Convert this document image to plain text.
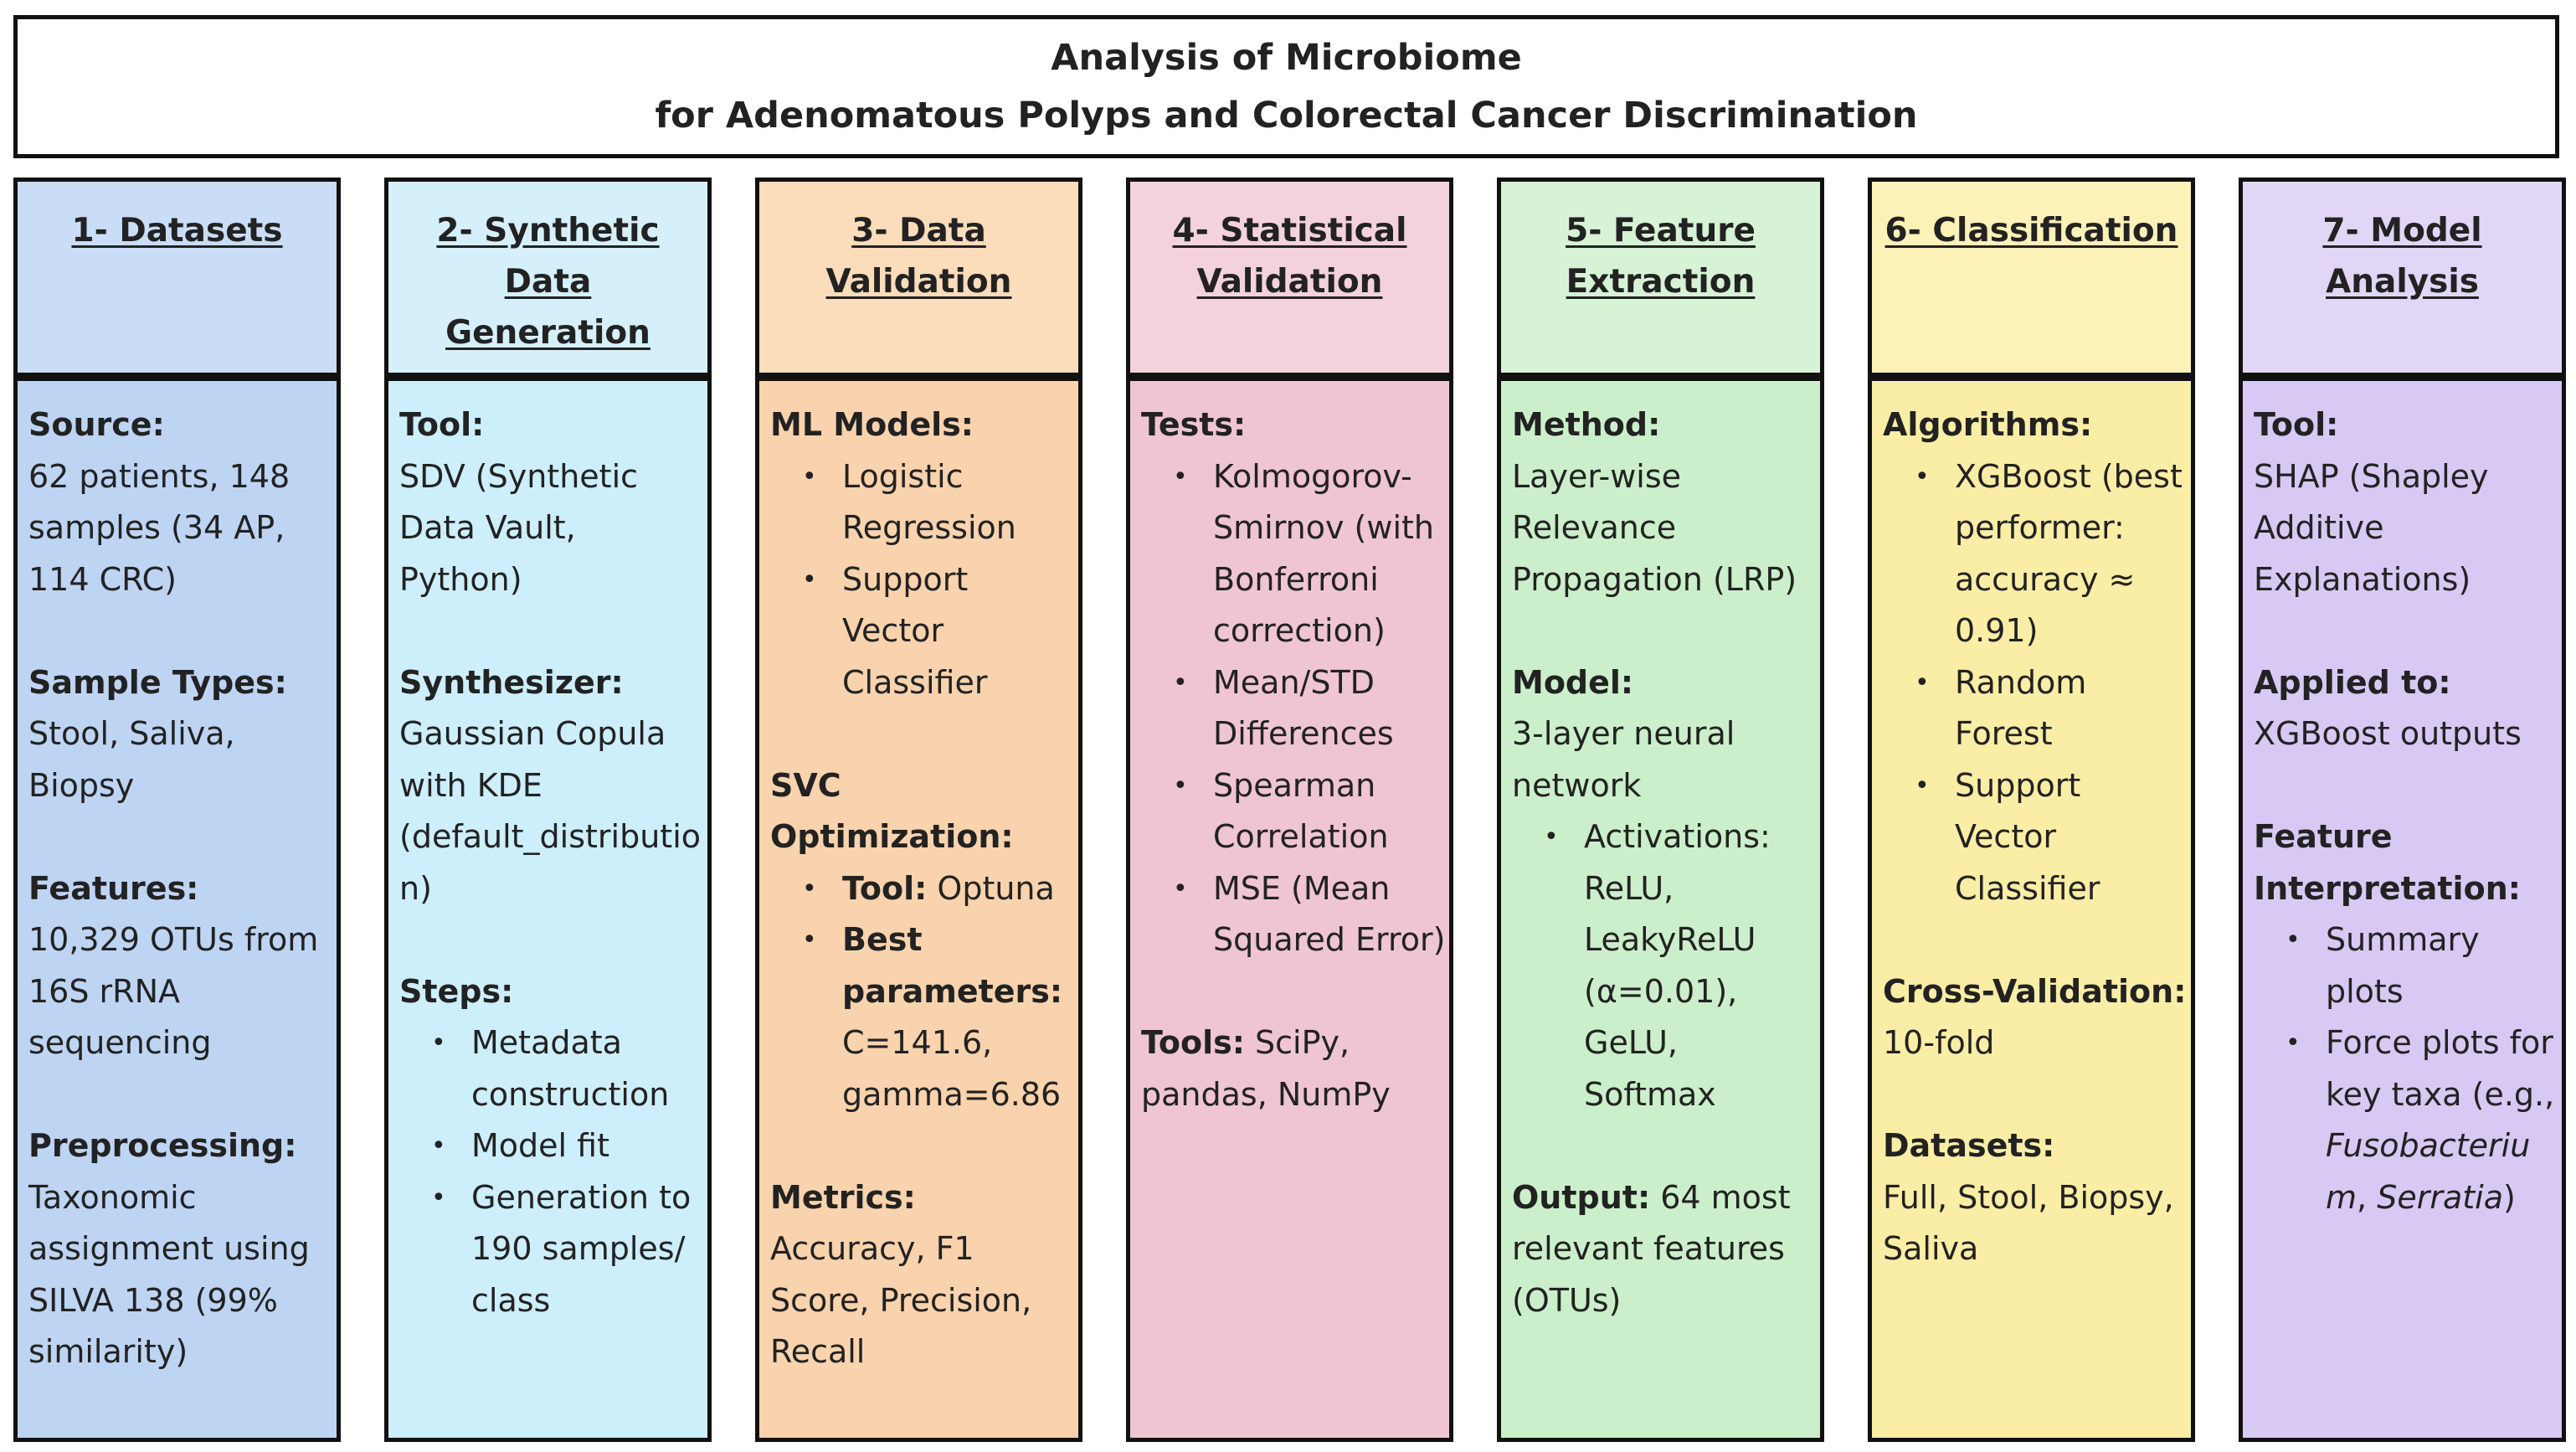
Analysis of Microbiome
for Adenomatous Polyps and Colorectal Cancer Discrimination
1- Datasets
Source:
62 patients, 148 samples (34 AP, 114 CRC)
Sample Types: Stool, Saliva, Biopsy
Features:
10,329 OTUs from 16S rRNA sequencing
Preprocessing:
Taxonomic assignment using SILVA 138 (99% similarity)
2- Synthetic Data Generation
Tool:
SDV (Synthetic Data Vault, Python)
Synthesizer:
Gaussian Copula with KDE (default_distribution)
Steps:
• Metadata construction
• Model fit
• Generation to 190 samples/ class
3- Data Validation
ML Models:
• Logistic Regression
• Support Vector Classifier
SVC Optimization:
• Tool: Optuna
• Best parameters: C=141.6, gamma=6.86
Metrics: Accuracy, F1 Score, Precision, Recall
4- Statistical Validation
Tests:
• Kolmogorov-Smirnov (with Bonferroni correction)
• Mean/STD Differences
• Spearman Correlation
• MSE (Mean Squared Error)
Tools: SciPy, pandas, NumPy
5- Feature Extraction
Method:
Layer-wise Relevance Propagation (LRP)
Model:
3-layer neural network
• Activations: ReLU, LeakyReLU (α=0.01), GeLU, Softmax
Output: 64 most relevant features (OTUs)
6- Classification
Algorithms:
• XGBoost (best performer: accuracy ≈ 0.91)
• Random Forest
• Support Vector Classifier
Cross-Validation:
10-fold
Datasets:
Full, Stool, Biopsy, Saliva
7- Model Analysis
Tool:
SHAP (Shapley Additive Explanations)
Applied to:
XGBoost outputs
Feature Interpretation:
• Summary plots
• Force plots for key taxa (e.g., Fusobacterium, Serratia)
